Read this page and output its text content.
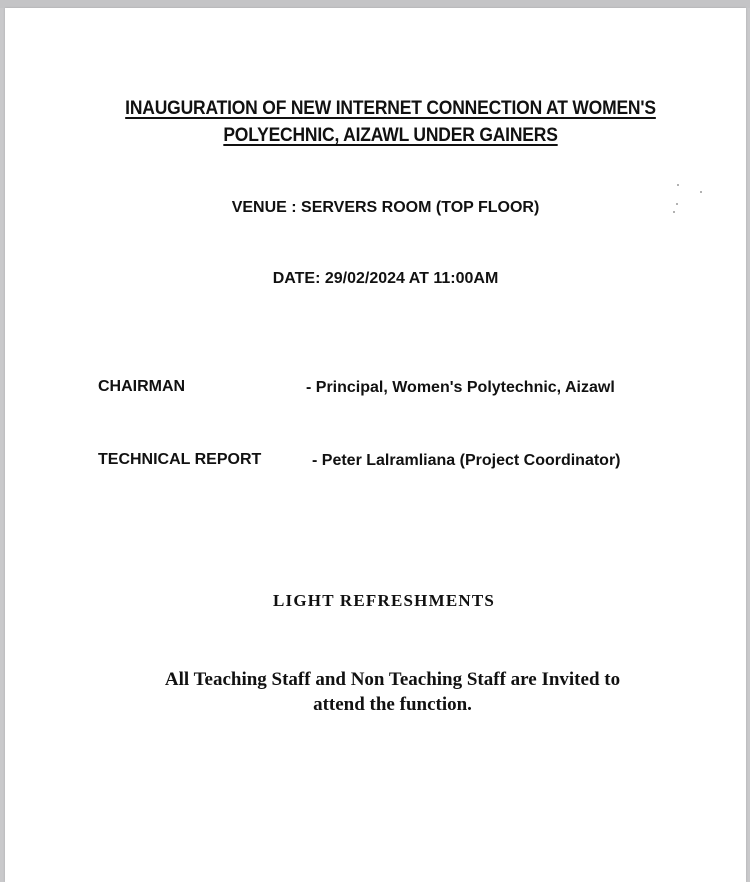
INAUGURATION OF NEW INTERNET CONNECTION AT WOMEN'S
POLYECHNIC, AIZAWL UNDER GAINERS
VENUE : SERVERS ROOM (TOP FLOOR)
DATE: 29/02/2024 AT 11:00AM
CHAIRMAN	- Principal, Women's Polytechnic, Aizawl
TECHNICAL REPORT	- Peter Lalramliana (Project Coordinator)
LIGHT REFRESHMENTS
All Teaching Staff and Non Teaching Staff are Invited to
attend the function.
